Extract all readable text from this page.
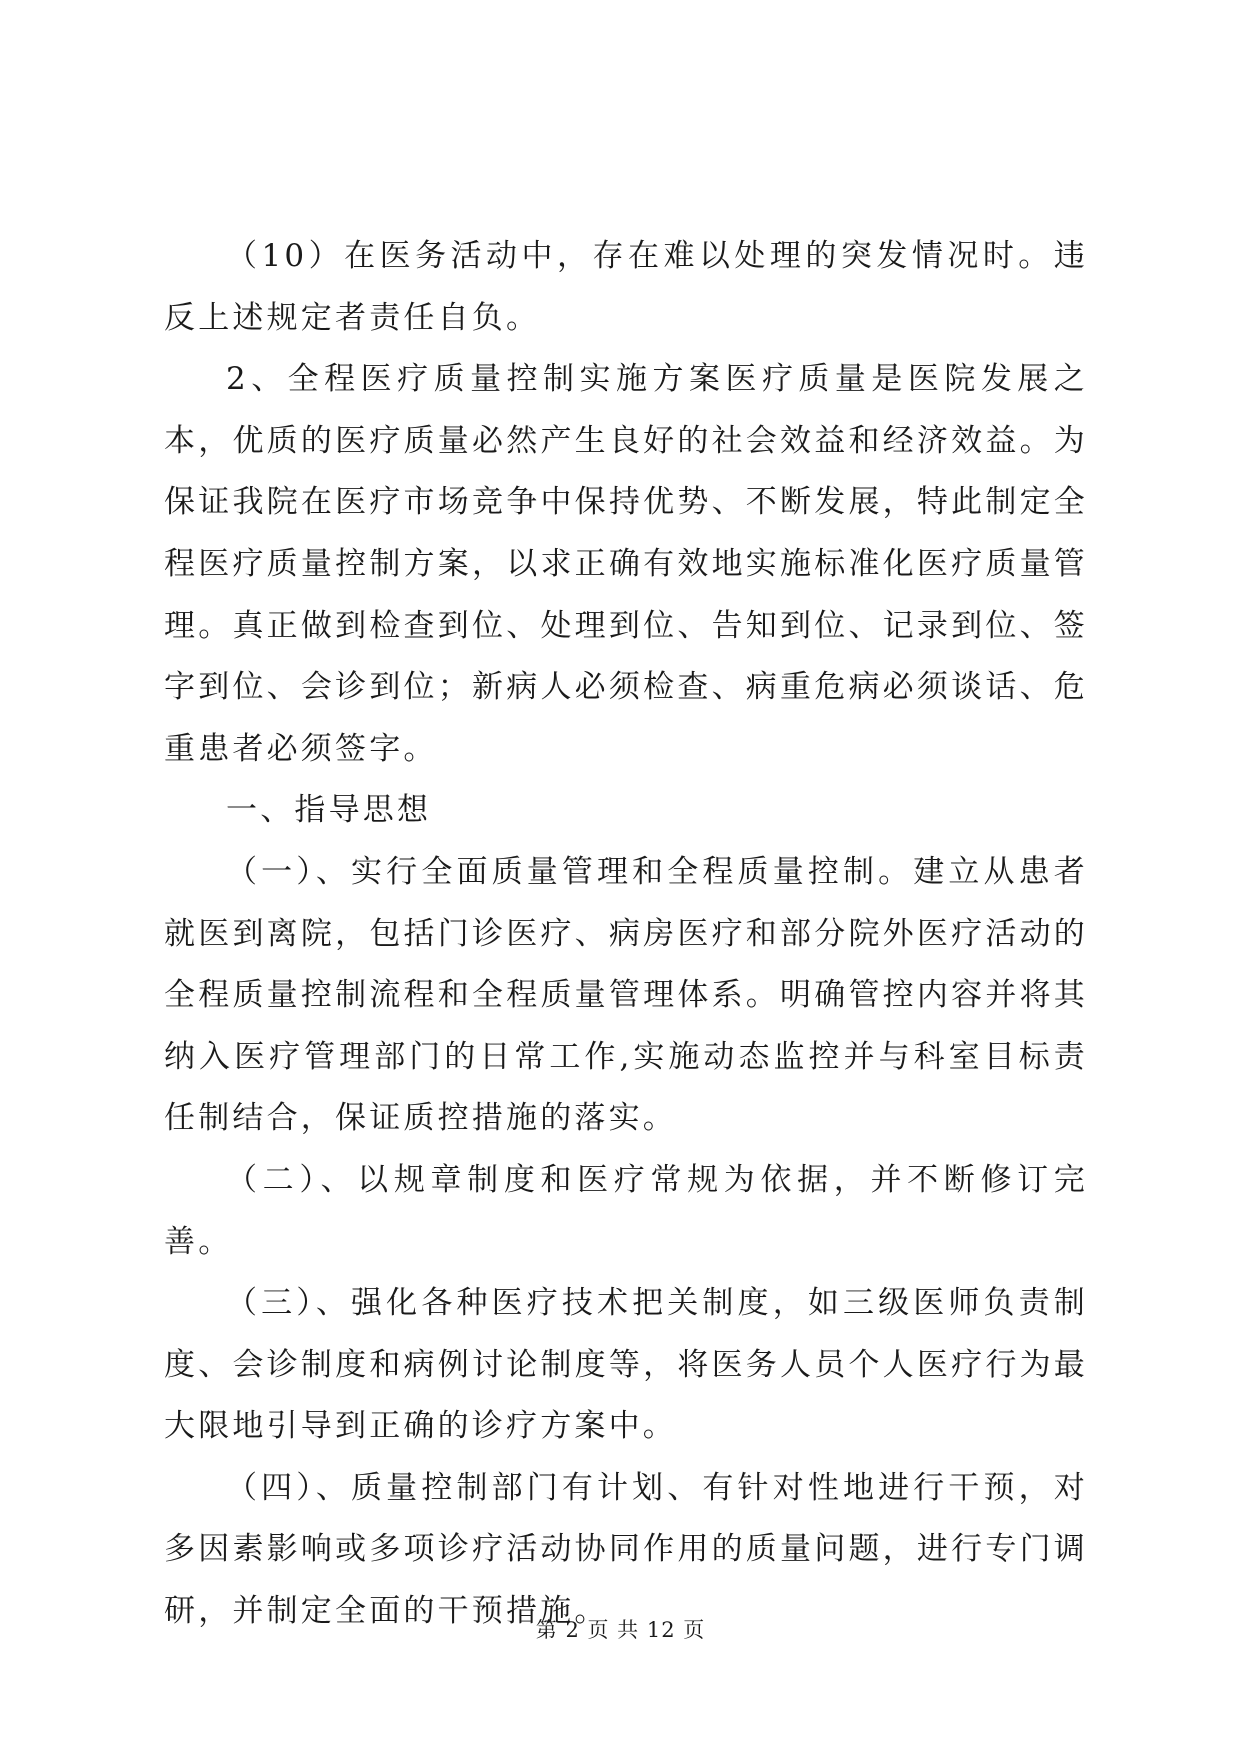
（10）在医务活动中，存在难以处理的突发情况时。违反上述规定者责任自负。

2、全程医疗质量控制实施方案医疗质量是医院发展之本，优质的医疗质量必然产生良好的社会效益和经济效益。为保证我院在医疗市场竞争中保持优势、不断发展，特此制定全程医疗质量控制方案，以求正确有效地实施标准化医疗质量管理。真正做到检查到位、处理到位、告知到位、记录到位、签字到位、会诊到位；新病人必须检查、病重危病必须谈话、危重患者必须签字。

一、指导思想

（一）、实行全面质量管理和全程质量控制。建立从患者就医到离院，包括门诊医疗、病房医疗和部分院外医疗活动的全程质量控制流程和全程质量管理体系。明确管控内容并将其纳入医疗管理部门的日常工作,实施动态监控并与科室目标责任制结合，保证质控措施的落实。

（二）、以规章制度和医疗常规为依据，并不断修订完善。

（三）、强化各种医疗技术把关制度，如三级医师负责制度、会诊制度和病例讨论制度等，将医务人员个人医疗行为最大限地引导到正确的诊疗方案中。

（四）、质量控制部门有计划、有针对性地进行干预，对多因素影响或多项诊疗活动协同作用的质量问题，进行专门调研，并制定全面的干预措施。

第 2 页 共 12 页
